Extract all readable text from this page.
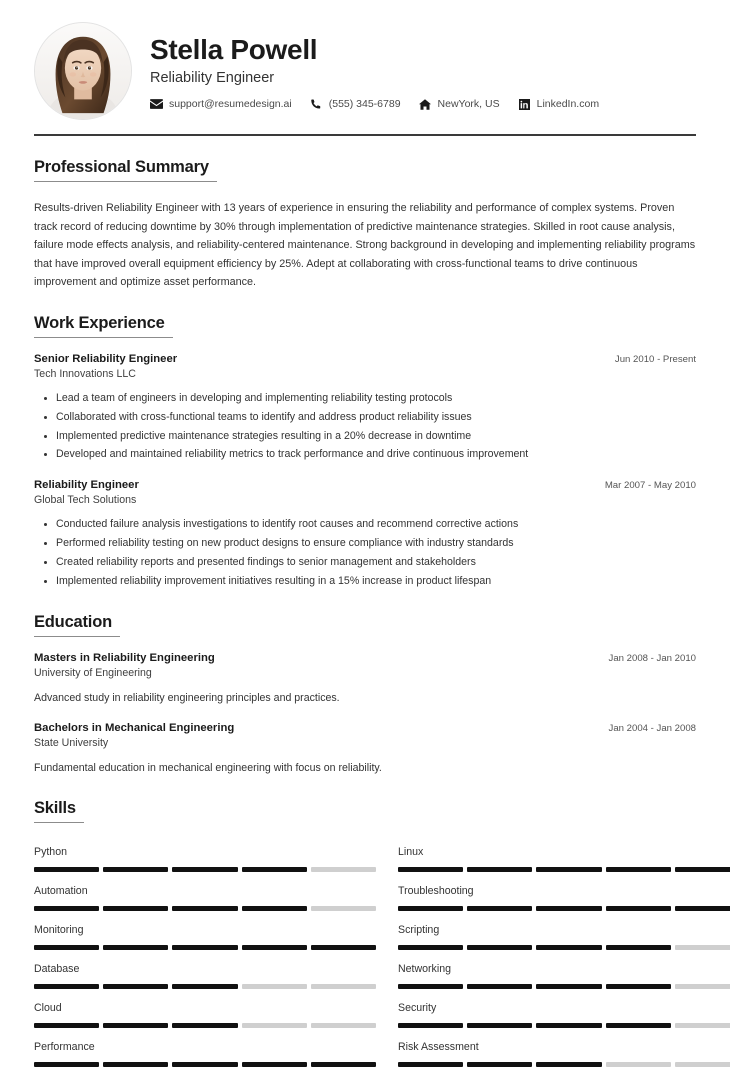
Stella Powell
Reliability Engineer
support@resumedesign.ai	(555) 345-6789	NewYork, US	LinkedIn.com
Professional Summary
Results-driven Reliability Engineer with 13 years of experience in ensuring the reliability and performance of complex systems. Proven track record of reducing downtime by 30% through implementation of predictive maintenance strategies. Skilled in root cause analysis, failure mode effects analysis, and reliability-centered maintenance. Strong background in developing and implementing reliability programs that have improved overall equipment efficiency by 25%. Adept at collaborating with cross-functional teams to drive continuous improvement and optimize asset performance.
Work Experience
Senior Reliability Engineer	Jun 2010 - Present
Tech Innovations LLC
Lead a team of engineers in developing and implementing reliability testing protocols
Collaborated with cross-functional teams to identify and address product reliability issues
Implemented predictive maintenance strategies resulting in a 20% decrease in downtime
Developed and maintained reliability metrics to track performance and drive continuous improvement
Reliability Engineer	Mar 2007 - May 2010
Global Tech Solutions
Conducted failure analysis investigations to identify root causes and recommend corrective actions
Performed reliability testing on new product designs to ensure compliance with industry standards
Created reliability reports and presented findings to senior management and stakeholders
Implemented reliability improvement initiatives resulting in a 15% increase in product lifespan
Education
Masters in Reliability Engineering	Jan 2008 - Jan 2010
University of Engineering
Advanced study in reliability engineering principles and practices.
Bachelors in Mechanical Engineering	Jan 2004 - Jan 2008
State University
Fundamental education in mechanical engineering with focus on reliability.
Skills
Python	Linux
Automation	Troubleshooting
Monitoring	Scripting
Database	Networking
Cloud	Security
Performance	Risk Assessment
